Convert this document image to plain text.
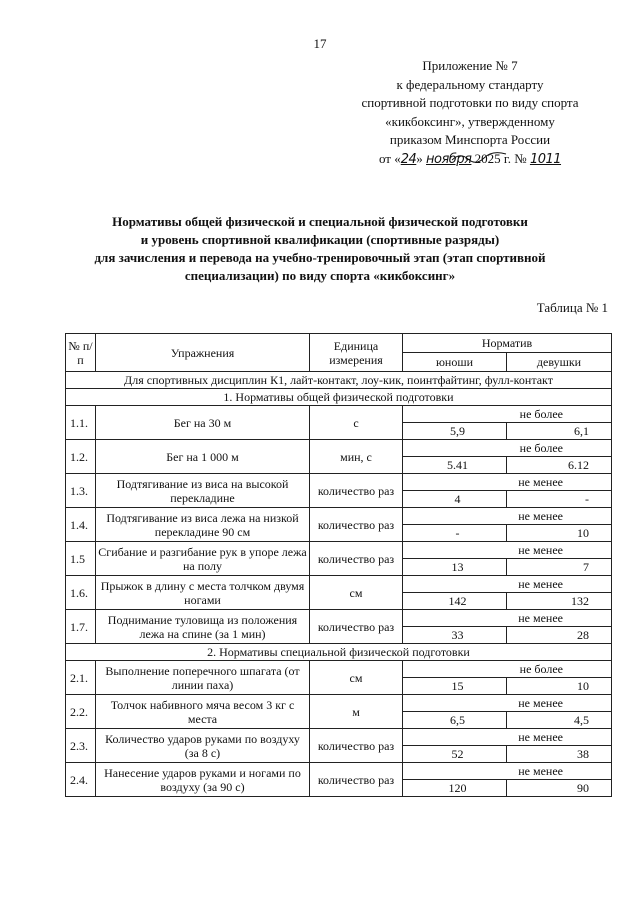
17
Приложение № 7
к федеральному стандарту
спортивной подготовки по виду спорта
«кикбоксинг», утвержденному
приказом Минспорта России
от «24» ноября 2025 г. № 1011
Нормативы общей физической и специальной физической подготовки
и уровень спортивной квалификации (спортивные разряды)
для зачисления и перевода на учебно-тренировочный этап (этап спортивной
специализации) по виду спорта «кикбоксинг»
Таблица № 1
№ п/п	Упражнения	Единица измерения	Норматив	
			юноши	девушки
Для спортивных дисциплин К1, лайт-контакт, лоу-кик, поинтфайтинг, фулл-контакт				
1. Нормативы общей физической подготовки				
1.1.	Бег на 30 м	с	не более	
			5,9	6,1
1.2.	Бег на 1 000 м	мин, с	не более	
			5.41	6.12
1.3.	Подтягивание из виса на высокой перекладине	количество раз	не менее	
			4	-
1.4.	Подтягивание из виса лежа на низкой перекладине 90 см	количество раз	не менее	
			-	10
1.5	Сгибание и разгибание рук в упоре лежа на полу	количество раз	не менее	
			13	7
1.6.	Прыжок в длину с места толчком двумя ногами	см	не менее	
			142	132
1.7.	Поднимание туловища из положения лежа на спине (за 1 мин)	количество раз	не менее	
			33	28
2. Нормативы специальной физической подготовки				
2.1.	Выполнение поперечного шпагата (от линии паха)	см	не более	
			15	10
2.2.	Толчок набивного мяча весом 3 кг с места	м	не менее	
			6,5	4,5
2.3.	Количество ударов руками по воздуху (за 8 с)	количество раз	не менее	
			52	38
2.4.	Нанесение ударов руками и ногами по воздуху (за 90 с)	количество раз	не менее	
			120	90
